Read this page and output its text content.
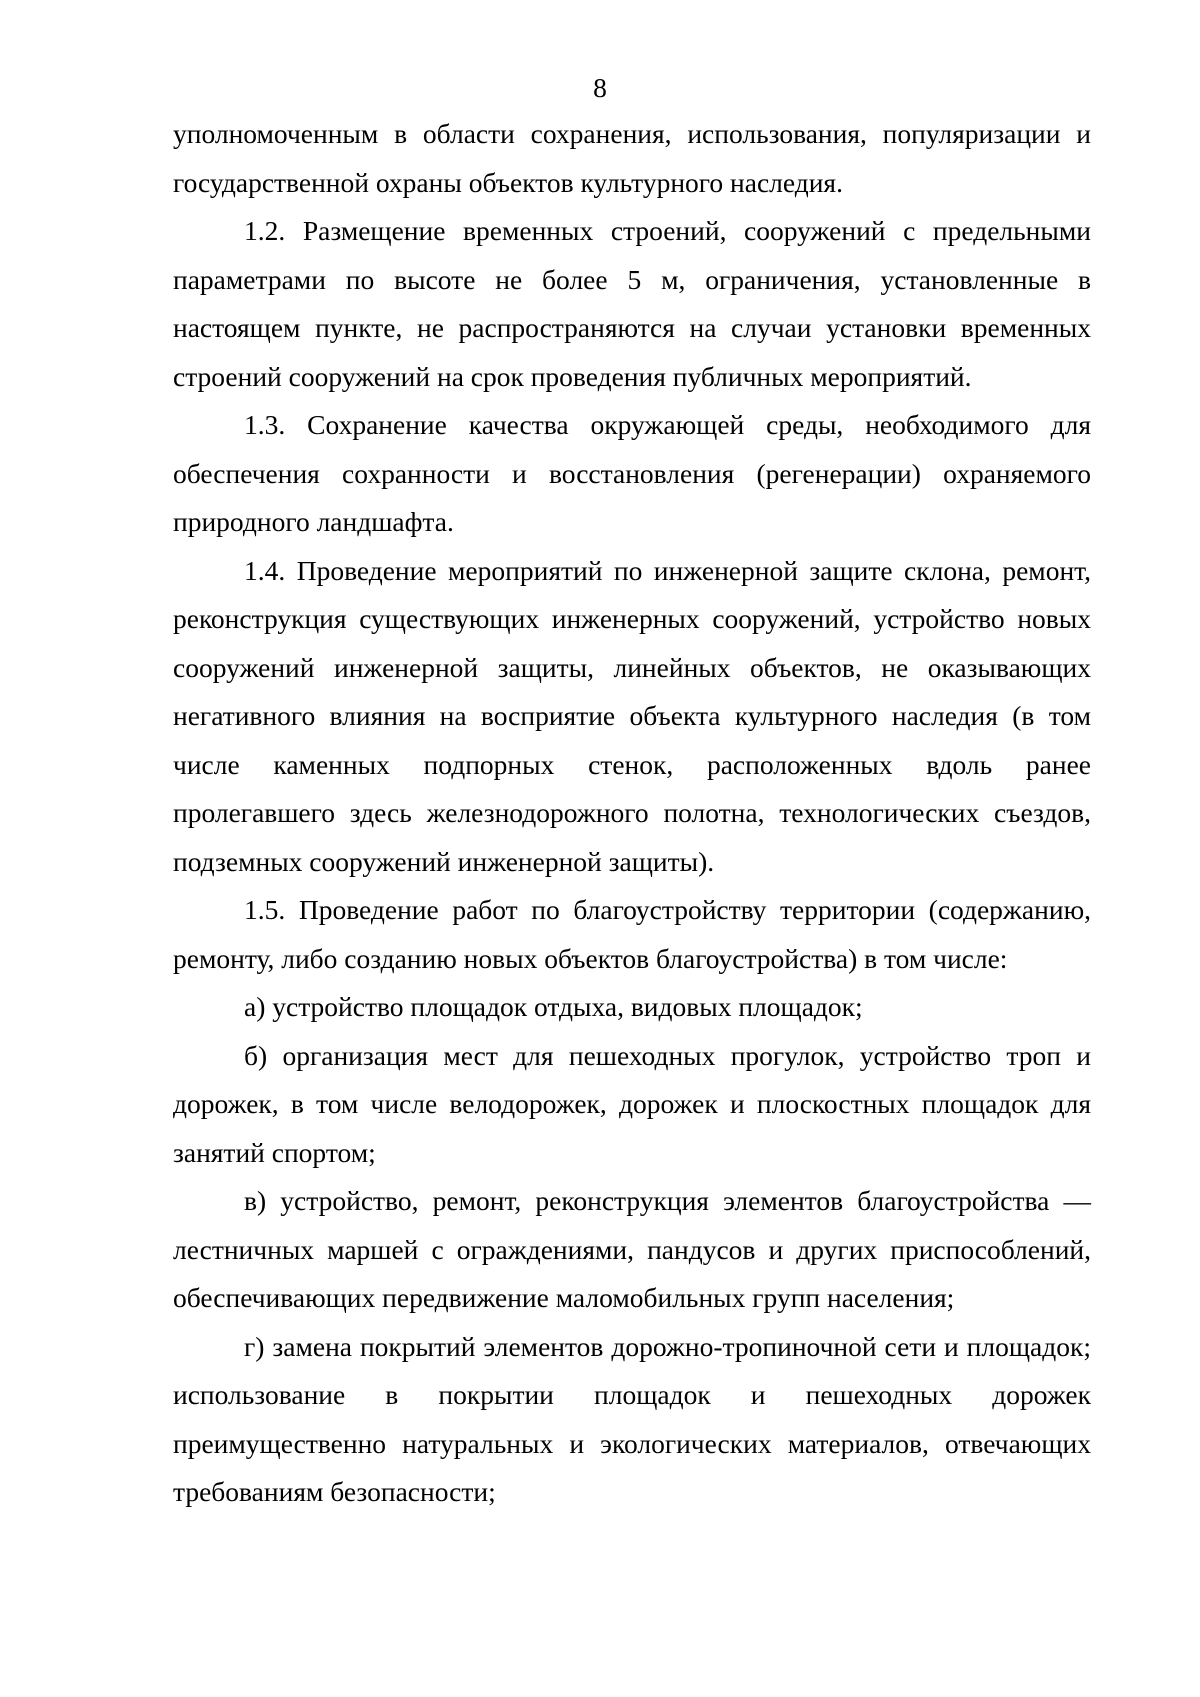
8

уполномоченным в области сохранения, использования, популяризации и государственной охраны объектов культурного наследия.

1.2. Размещение временных строений, сооружений с предельными параметрами по высоте не более 5 м, ограничения, установленные в настоящем пункте, не распространяются на случаи установки временных строений сооружений на срок проведения публичных мероприятий.

1.3. Сохранение качества окружающей среды, необходимого для обеспечения сохранности и восстановления (регенерации) охраняемого природного ландшафта.

1.4. Проведение мероприятий по инженерной защите склона, ремонт, реконструкция существующих инженерных сооружений, устройство новых сооружений инженерной защиты, линейных объектов, не оказывающих негативного влияния на восприятие объекта культурного наследия (в том числе каменных подпорных стенок, расположенных вдоль ранее пролегавшего здесь железнодорожного полотна, технологических съездов, подземных сооружений инженерной защиты).

1.5. Проведение работ по благоустройству территории (содержанию, ремонту, либо созданию новых объектов благоустройства) в том числе:

а) устройство площадок отдыха, видовых площадок;

б) организация мест для пешеходных прогулок, устройство троп и дорожек, в том числе велодорожек, дорожек и плоскостных площадок для занятий спортом;

в) устройство, ремонт, реконструкция элементов благоустройства — лестничных маршей с ограждениями, пандусов и других приспособлений, обеспечивающих передвижение маломобильных групп населения;

г) замена покрытий элементов дорожно-тропиночной сети и площадок; использование в покрытии площадок и пешеходных дорожек преимущественно натуральных и экологических материалов, отвечающих требованиям безопасности;
